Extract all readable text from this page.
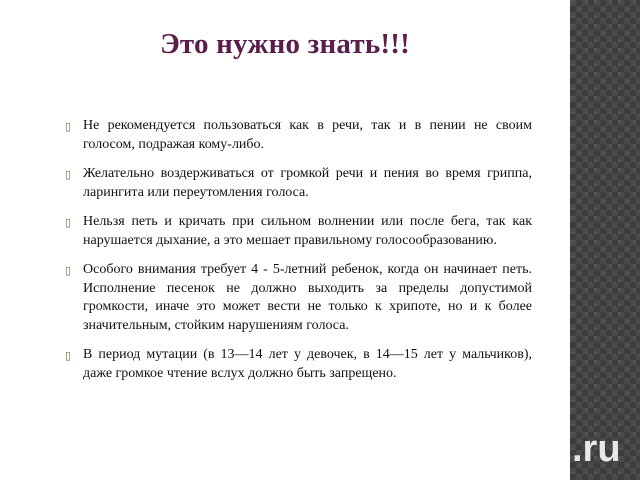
Это нужно знать!!!
▯ Не рекомендуется пользоваться как в речи, так и в пении не своим голосом, подражая кому-либо.
▯ Желательно воздерживаться от громкой речи и пения во время гриппа, ларингита или переутомления голоса.
▯ Нельзя петь и кричать при сильном волнении или после бега, так как нарушается дыхание, а это мешает правильному голосообразованию.
▯ Особого внимания требует 4 - 5-летний ребенок, когда он начинает петь. Исполнение песенок не должно выходить за пределы допустимой громкости, иначе это может вести не только к хрипоте, но и к более значительным, стойким нарушениям голоса.
▯ В период мутации (в 13—14 лет у девочек, в 14—15 лет у мальчиков), даже громкое чтение вслух должно быть запрещено.
.ru
